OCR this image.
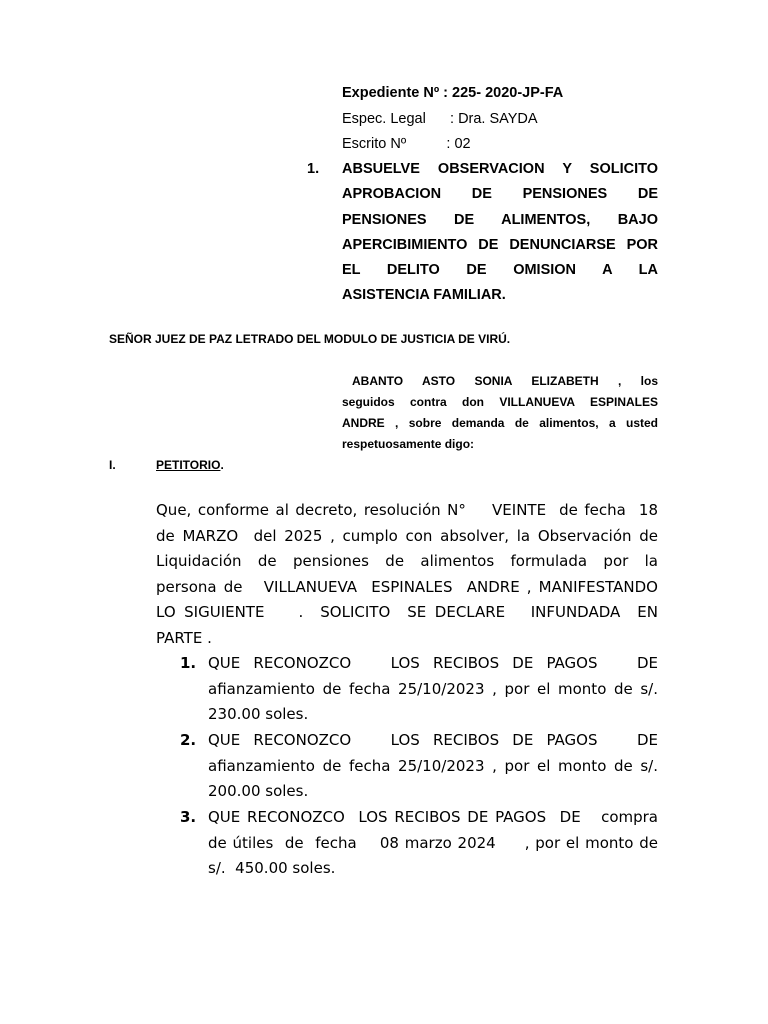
Expediente Nº : 225- 2020-JP-FA
Espec. Legal      : Dra. SAYDA
Escrito Nº          : 02
1. ABSUELVE OBSERVACION Y SOLICITO
APROBACION DE PENSIONES DE
PENSIONES DE ALIMENTOS, BAJO
APERCIBIMIENTO DE DENUNCIARSE POR
EL DELITO DE OMISION A LA
ASISTENCIA FAMILIAR.
SEÑOR JUEZ DE PAZ LETRADO DEL MODULO DE JUSTICIA DE VIRÚ.
ABANTO ASTO SONIA ELIZABETH , los
seguidos contra don VILLANUEVA ESPINALES
ANDRE , sobre demanda de alimentos, a usted
respetuosamente digo:
I.	PETITORIO.
Que, conforme al decreto, resolución N°    VEINTE  de fecha  18
de MARZO  del 2025 , cumplo con absolver, la Observación de
Liquidación de pensiones de alimentos formulada por la
persona de   VILLANUEVA  ESPINALES  ANDRE , MANIFESTANDO
LO SIGUIENTE    .  SOLICITO  SE DECLARE   INFUNDADA  EN
PARTE .
1. QUE RECONOZCO   LOS RECIBOS DE PAGOS   DE
afianzamiento de fecha 25/10/2023 , por el monto de s/.
230.00 soles.
2. QUE RECONOZCO   LOS RECIBOS DE PAGOS   DE
afianzamiento de fecha 25/10/2023 , por el monto de s/.
200.00 soles.
3. QUE RECONOZCO  LOS RECIBOS DE PAGOS  DE   compra
de útiles  de  fecha    08 marzo 2024     , por el monto de
s/.  450.00 soles.
